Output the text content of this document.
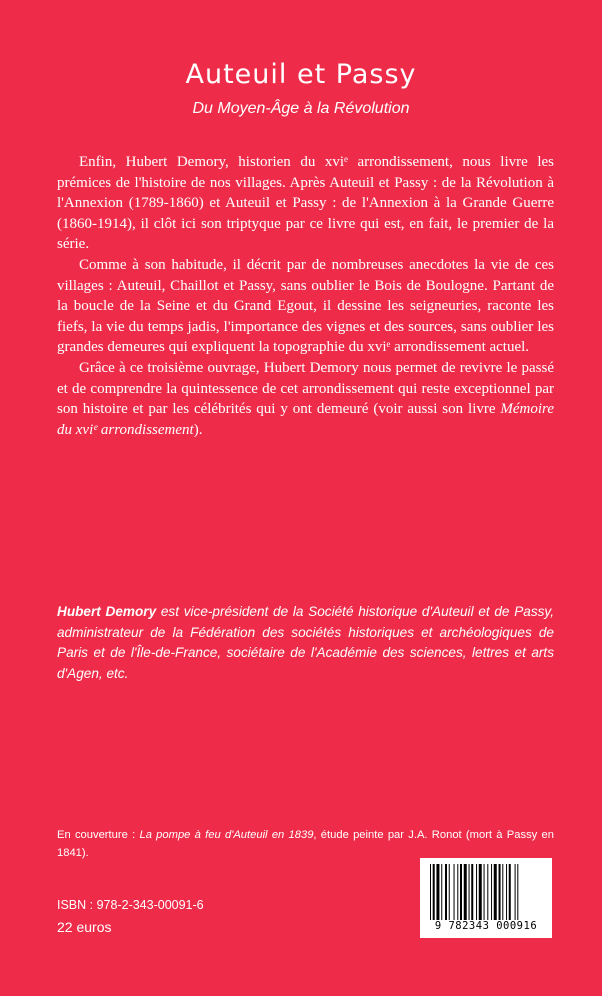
Auteuil et Passy
Du Moyen-Âge à la Révolution

Enfin, Hubert Demory, historien du xviᵉ arrondissement, nous livre les prémices de l'histoire de nos villages. Après Auteuil et Passy : de la Révolution à l'Annexion (1789-1860) et Auteuil et Passy : de l'Annexion à la Grande Guerre (1860-1914), il clôt ici son triptyque par ce livre qui est, en fait, le premier de la série.

Comme à son habitude, il décrit par de nombreuses anecdotes la vie de ces villages : Auteuil, Chaillot et Passy, sans oublier le Bois de Boulogne. Partant de la boucle de la Seine et du Grand Egout, il dessine les seigneuries, raconte les fiefs, la vie du temps jadis, l'importance des vignes et des sources, sans oublier les grandes demeures qui expliquent la topographie du xviᵉ arrondissement actuel.

Grâce à ce troisième ouvrage, Hubert Demory nous permet de revivre le passé et de comprendre la quintessence de cet arrondissement qui reste exceptionnel par son histoire et par les célébrités qui y ont demeuré (voir aussi son livre Mémoire du xviᵉ arrondissement).

Hubert Demory est vice-président de la Société historique d'Auteuil et de Passy, administrateur de la Fédération des sociétés historiques et archéologiques de Paris et de l'Île-de-France, sociétaire de l'Académie des sciences, lettres et arts d'Agen, etc.
En couverture : La pompe à feu d'Auteuil en 1839, étude peinte par J.A. Ronot (mort à Passy en 1841).
ISBN : 978-2-343-00091-6
22 euros	9 782343 000916
